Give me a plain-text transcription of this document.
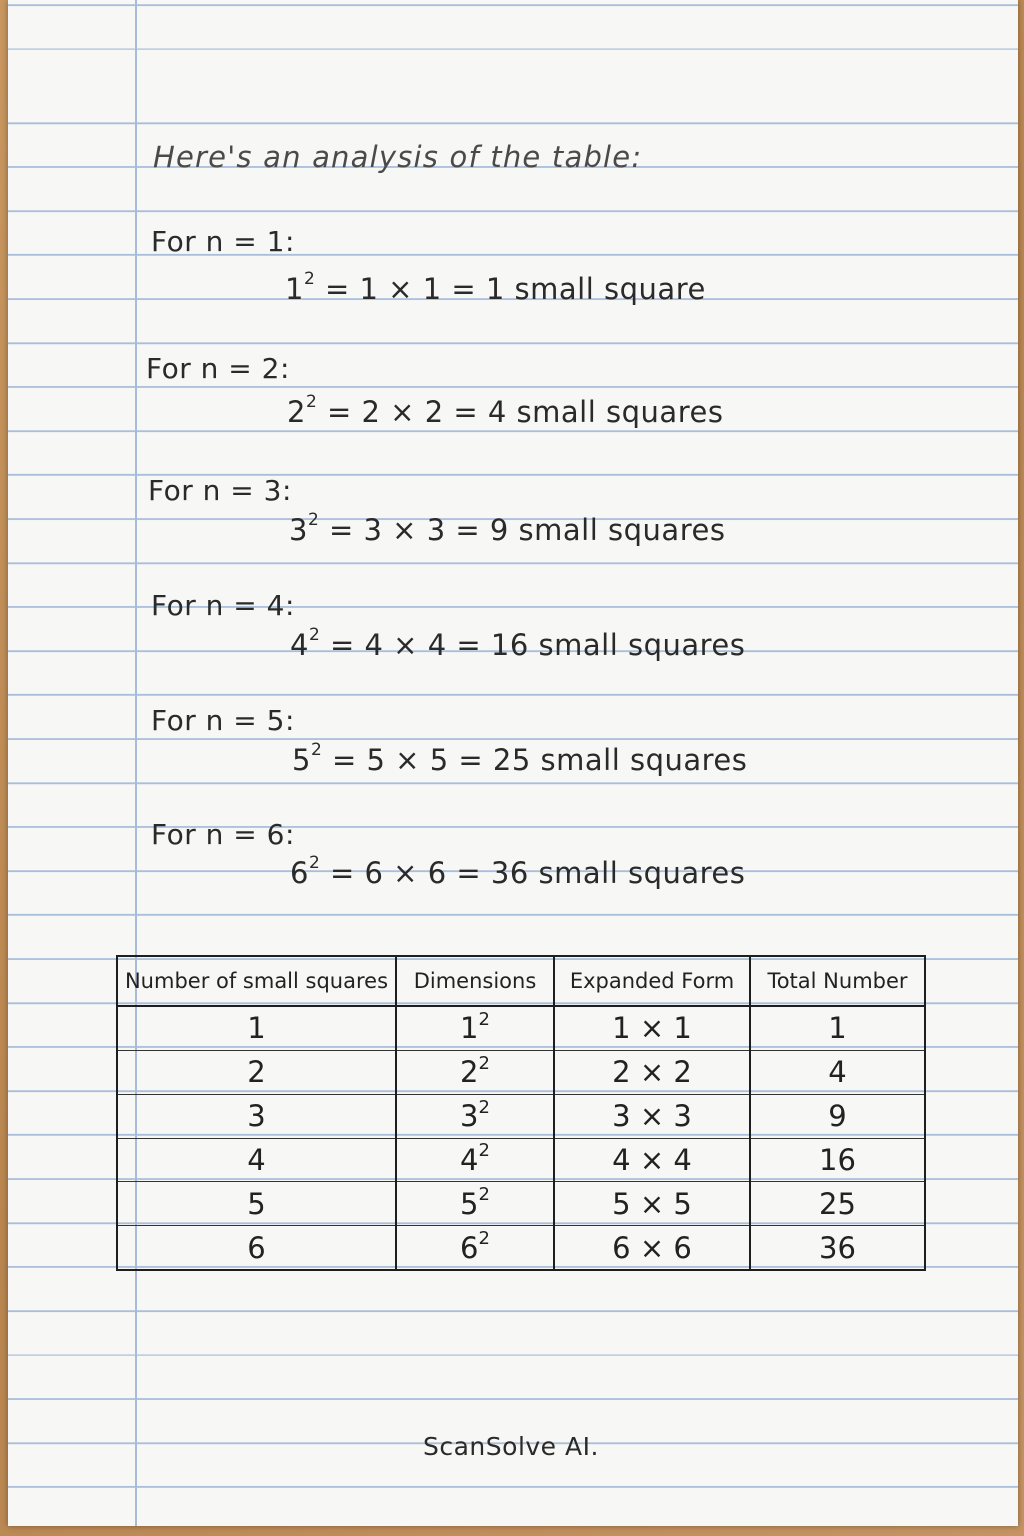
Here's an analysis of the table:
For n = 1:
$1^2 = 1 \times 1 = 1$ small square
For n = 2:
$2^2 = 2 \times 2 = 4$ small squares
For n = 3:
$3^2 = 3 \times 3 = 9$ small squares
For n = 4:
$4^2 = 4 \times 4 = 16$ small squares
For n = 5:
$5^2 = 5 \times 5 = 25$ small squares
For n = 6:
$6^2 = 6 \times 6 = 36$ small squares
Number of small squares	Dimensions	Expanded Form	Total Number
1	$1^2$	1 × 1	1
2	$2^2$	2 × 2	4
3	$3^2$	3 × 3	9
4	$4^2$	4 × 4	16
5	$5^2$	5 × 5	25
6	$6^2$	6 × 6	36
ScanSolve AI.
